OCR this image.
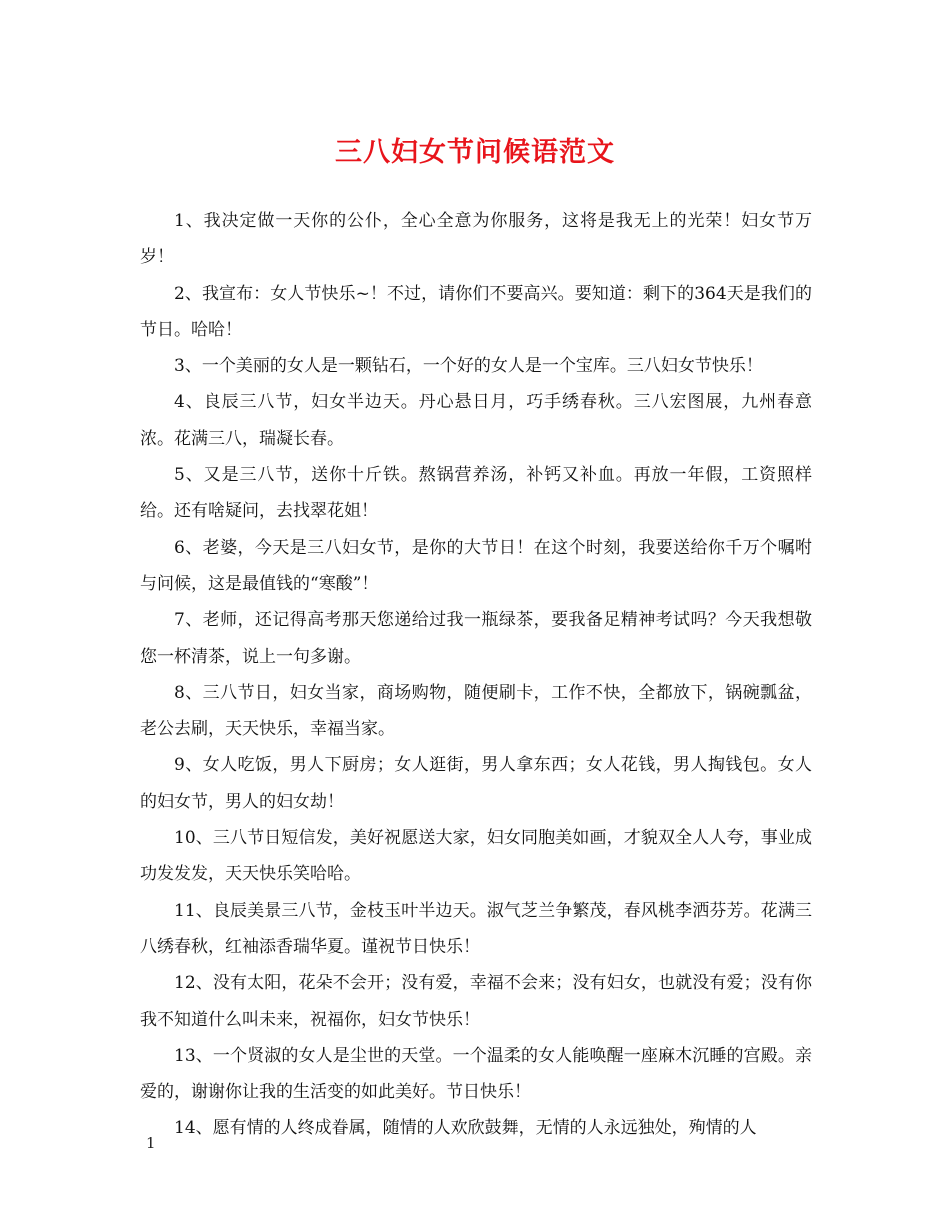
三八妇女节问候语范文

1、我决定做一天你的公仆，全心全意为你服务，这将是我无上的光荣！妇女节万岁！

2、我宣布：女人节快乐~！不过，请你们不要高兴。要知道：剩下的364天是我们的节日。哈哈！

3、一个美丽的女人是一颗钻石，一个好的女人是一个宝库。三八妇女节快乐！

4、良辰三八节，妇女半边天。丹心悬日月，巧手绣春秋。三八宏图展，九州春意浓。花满三八，瑞凝长春。

5、又是三八节，送你十斤铁。熬锅营养汤，补钙又补血。再放一年假，工资照样给。还有啥疑问，去找翠花姐！

6、老婆，今天是三八妇女节，是你的大节日！在这个时刻，我要送给你千万个嘱咐与问候，这是最值钱的“寒酸”！

7、老师，还记得高考那天您递给过我一瓶绿茶，要我备足精神考试吗？今天我想敬您一杯清茶，说上一句多谢。

8、三八节日，妇女当家，商场购物，随便刷卡，工作不快，全都放下，锅碗瓢盆，老公去刷，天天快乐，幸福当家。

9、女人吃饭，男人下厨房；女人逛街，男人拿东西；女人花钱，男人掏钱包。女人的妇女节，男人的妇女劫！

10、三八节日短信发，美好祝愿送大家，妇女同胞美如画，才貌双全人人夸，事业成功发发发，天天快乐笑哈哈。

11、良辰美景三八节，金枝玉叶半边天。淑气芝兰争繁茂，春风桃李洒芬芳。花满三八绣春秋，红袖添香瑞华夏。谨祝节日快乐！

12、没有太阳，花朵不会开；没有爱，幸福不会来；没有妇女，也就没有爱；没有你我不知道什么叫未来，祝福你，妇女节快乐！

13、一个贤淑的女人是尘世的天堂。一个温柔的女人能唤醒一座麻木沉睡的宫殿。亲爱的，谢谢你让我的生活变的如此美好。节日快乐！

14、愿有情的人终成眷属，随情的人欢欣鼓舞，无情的人永远独处，殉情的人

1
